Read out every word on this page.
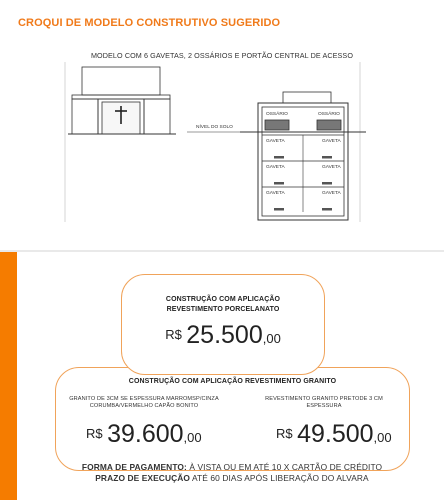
CROQUI DE MODELO CONSTRUTIVO SUGERIDO
MODELO COM 6 GAVETAS, 2 OSSÁRIOS E PORTÃO CENTRAL DE ACESSO
NÍVEL DO SOLO
OSSÁRIO	OSSÁRIO
GAVETA	GAVETA
GAVETA	GAVETA
GAVETA	GAVETA
CONSTRUÇÃO COM APLICAÇÃO REVESTIMENTO GRANITO
GRANITO DE 3CM SE ESPESSURA MARROMSP/CINZA
CORUMBA/VERMELHO CAPÃO BONITO
REVESTIMENTO GRANITO PRETODE 3 CM
ESPESSURA
$^{R\$}$ 39.600,00	$^{R\$}$ 49.500,00
CONSTRUÇÃO COM APLICAÇÃO
REVESTIMENTO PORCELANATO
$^{R\$}$ 25.500,00
FORMA DE PAGAMENTO: À VISTA OU EM ATÉ 10 X CARTÃO DE CRÉDITO
PRAZO DE EXECUÇÃO ATÉ 60 DIAS APÓS LIBERAÇÃO DO ALVARA
